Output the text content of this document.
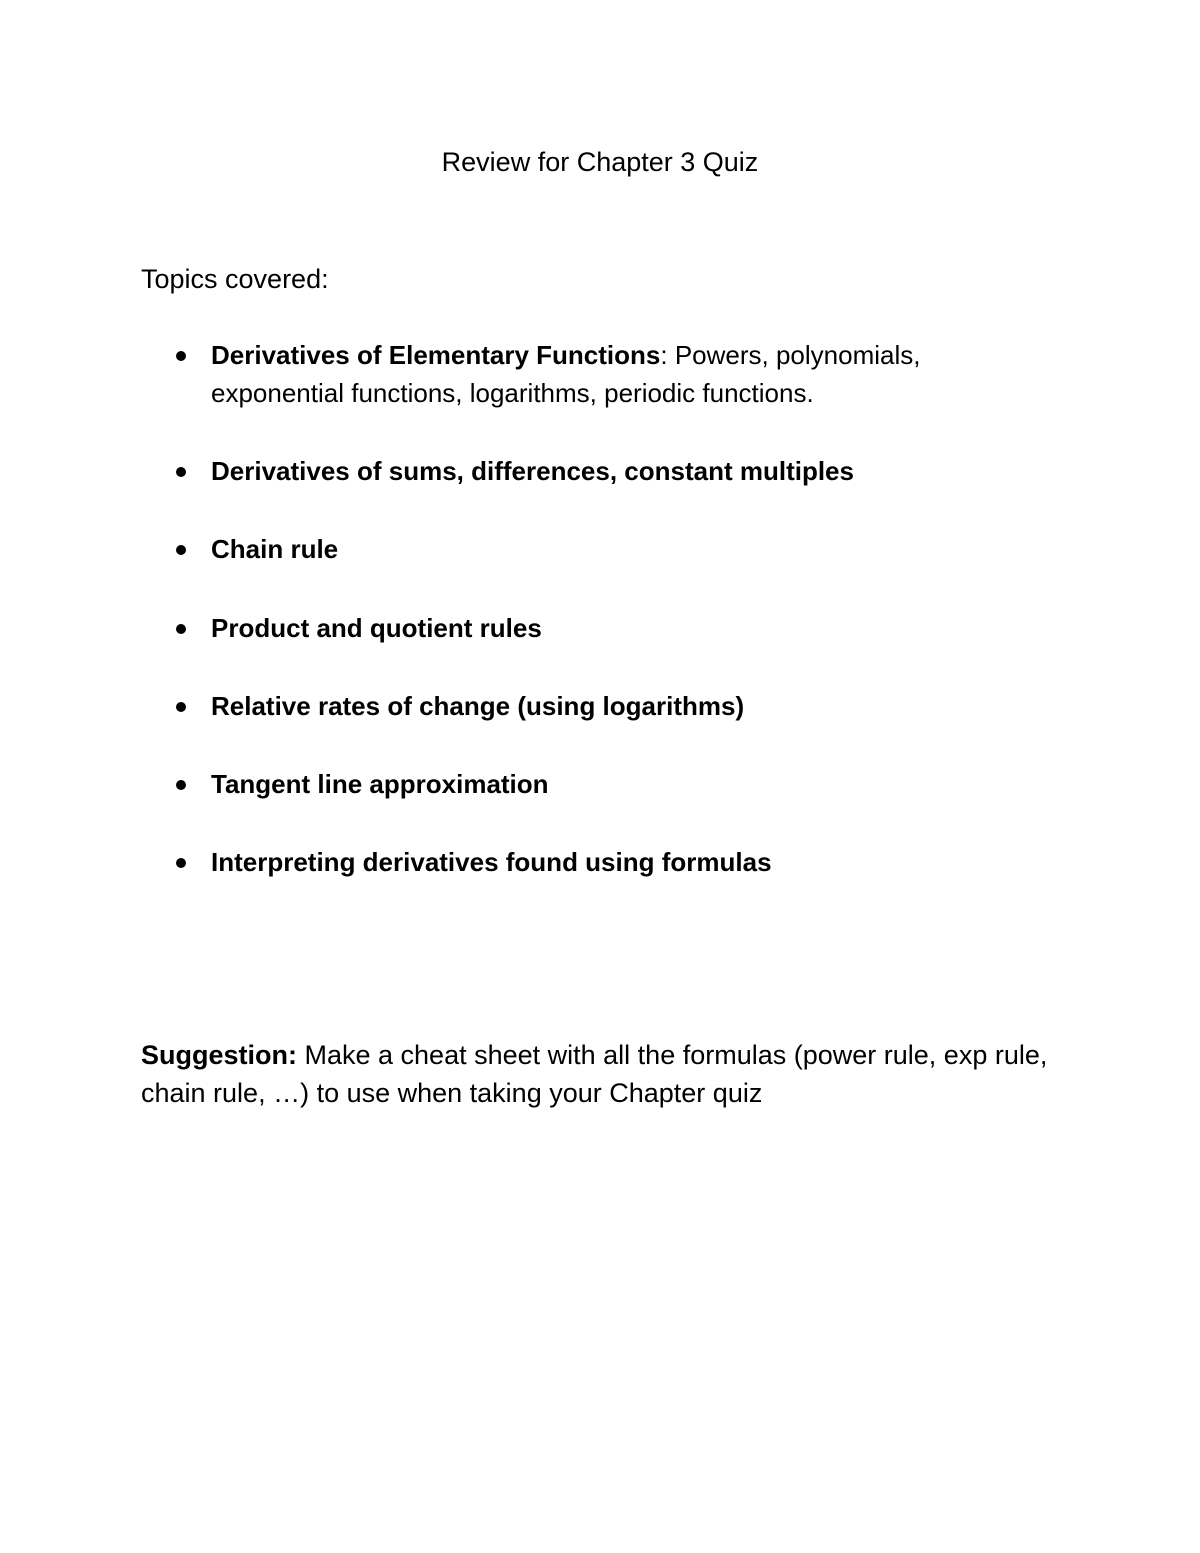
Review for Chapter 3 Quiz
Topics covered:
Derivatives of Elementary Functions: Powers, polynomials, exponential functions, logarithms, periodic functions.
Derivatives of sums, differences, constant multiples
Chain rule
Product and quotient rules
Relative rates of change (using logarithms)
Tangent line approximation
Interpreting derivatives found using formulas
Suggestion: Make a cheat sheet with all the formulas (power rule, exp rule, chain rule, …) to use when taking your Chapter quiz
